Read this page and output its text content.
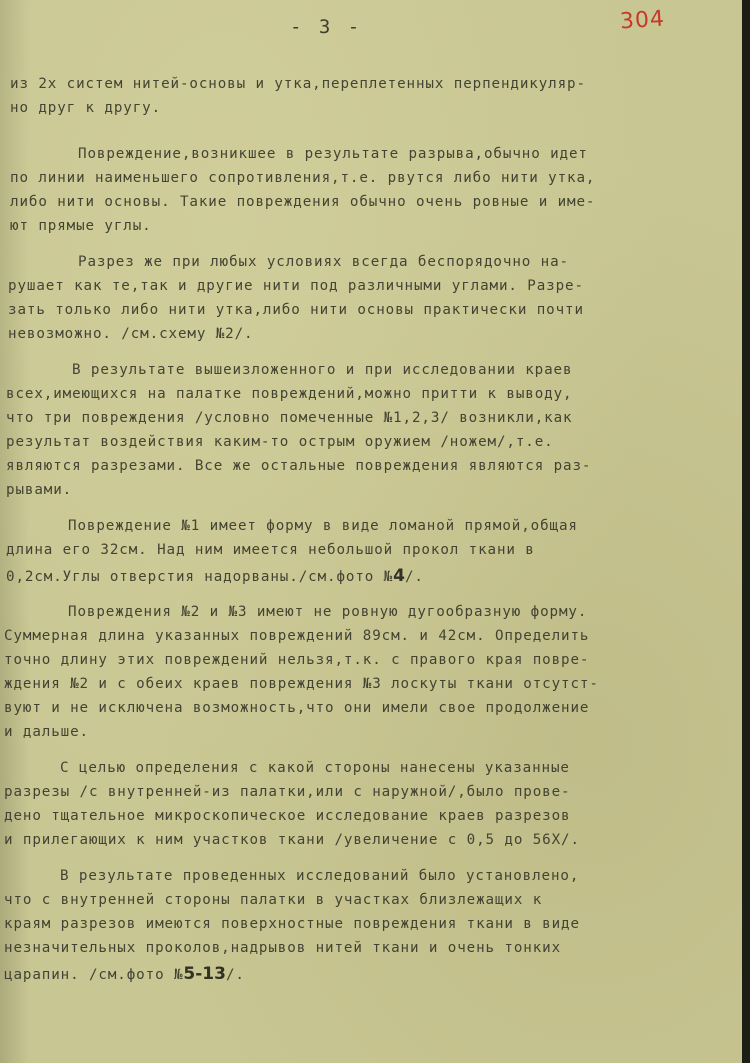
- 3 -	304
из 2х систем нитей-основы и утка,переплетенных перпендикуляр-
но друг к другу.
Повреждение,возникшее в результате разрыва,обычно идет
по линии наименьшего сопротивления,т.е. рвутся либо нити утка,
либо нити основы. Такие повреждения обычно очень ровные и име-
ют прямые углы.
Разрез же при любых условиях всегда беспорядочно на-
рушает как те,так и другие нити под различными углами. Разре-
зать только либо нити утка,либо нити основы практически почти
невозможно. /см.схему №2/.
В результате вышеизложенного и при исследовании краев
всех,имеющихся на палатке повреждений,можно притти к выводу,
что три повреждения /условно помеченные №1,2,3/ возникли,как
результат воздействия каким-то острым оружием /ножем/,т.е.
являются разрезами. Все же остальные повреждения являются раз-
рывами.
Повреждение №1 имеет форму в виде ломаной прямой,общая
длина его 32см. Над ним имеется небольшой прокол ткани в
0,2см.Углы отверстия надорваны./см.фото №4/.
Повреждения №2 и №3 имеют не ровную дугообразную форму.
Суммерная длина указанных повреждений 89см. и 42см. Определить
точно длину этих повреждений нельзя,т.к. с правого края повре-
ждения №2 и с обеих краев повреждения №3 лоскуты ткани отсутст-
вуют и не исключена возможность,что они имели свое продолжение
и дальше.
С целью определения с какой стороны нанесены указанные
разрезы /с внутренней-из палатки,или с наружной/,было прове-
дено тщательное микроскопическое исследование краев разрезов
и прилегающих к ним участков ткани /увеличение с 0,5 до 56Х/.
В результате проведенных исследований было установлено,
что с внутренней стороны палатки в участках близлежащих к
краям разрезов имеются поверхностные повреждения ткани в виде
незначительных проколов,надрывов нитей ткани и очень тонких
царапин. /см.фото №5-13/.
